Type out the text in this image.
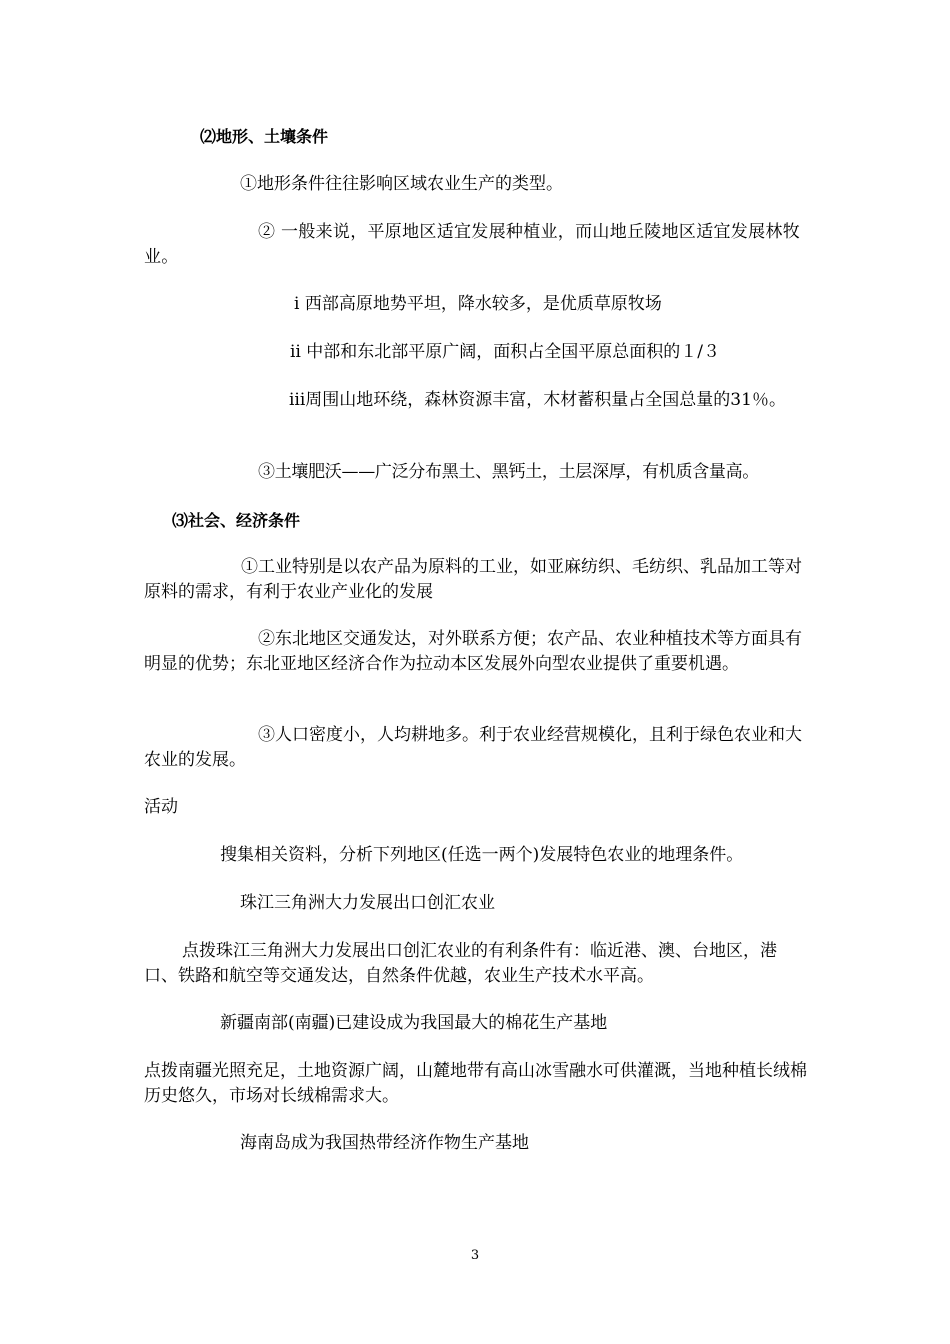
⑵地形、土壤条件

①地形条件往往影响区域农业生产的类型。

② 一般来说，平原地区适宜发展种植业，而山地丘陵地区适宜发展林牧业。

ⅰ 西部高原地势平坦，降水较多，是优质草原牧场

ⅱ 中部和东北部平原广阔，面积占全国平原总面积的１/３

ⅲ周围山地环绕，森林资源丰富，木材蓄积量占全国总量的31％。

③土壤肥沃——广泛分布黑土、黑钙土，土层深厚，有机质含量高。

⑶社会、经济条件

①工业特别是以农产品为原料的工业，如亚麻纺织、毛纺织、乳品加工等对原料的需求，有利于农业产业化的发展

②东北地区交通发达，对外联系方便；农产品、农业种植技术等方面具有明显的优势；东北亚地区经济合作为拉动本区发展外向型农业提供了重要机遇。

③人口密度小，人均耕地多。利于农业经营规模化，且利于绿色农业和大农业的发展。

活动

搜集相关资料，分析下列地区(任选一两个)发展特色农业的地理条件。

珠江三角洲大力发展出口创汇农业

点拨珠江三角洲大力发展出口创汇农业的有利条件有：临近港、澳、台地区，港口、铁路和航空等交通发达，自然条件优越，农业生产技术水平高。

新疆南部(南疆)已建设成为我国最大的棉花生产基地

点拨南疆光照充足，土地资源广阔，山麓地带有高山冰雪融水可供灌溉，当地种植长绒棉历史悠久，市场对长绒棉需求大。

海南岛成为我国热带经济作物生产基地

3
